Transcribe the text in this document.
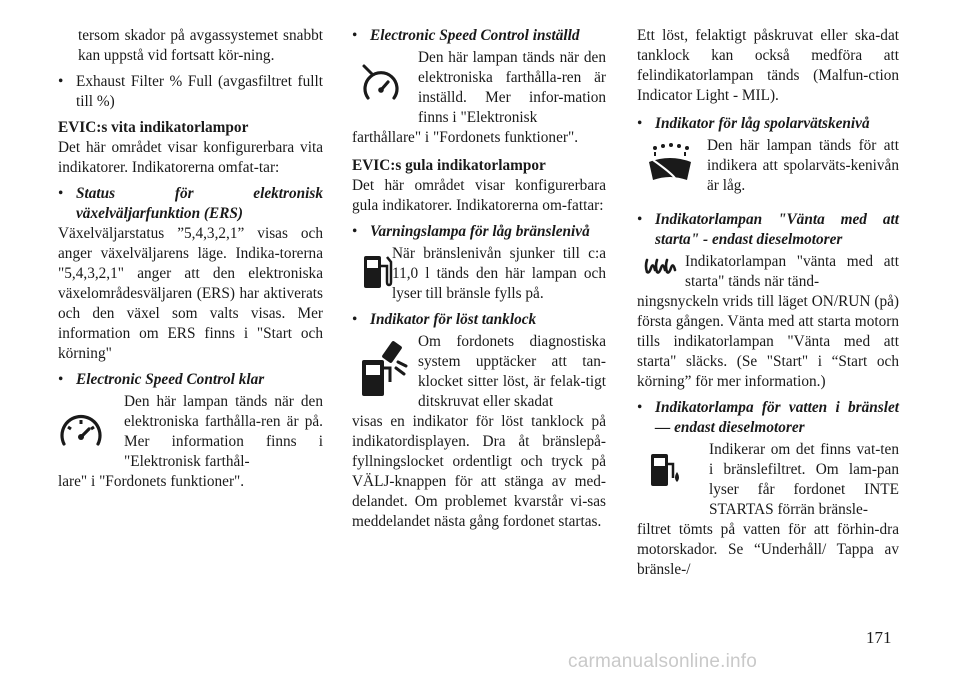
tersom skador på avgassystemet snabbt kan uppstå vid fortsatt kör-ning.

• Exhaust Filter % Full (avgasfiltret fullt till %)

EVIC:s vita indikatorlampor

Det här området visar konfigurerbara vita indikatorer. Indikatorerna omfat-tar:

• Status för elektronisk växelväljarfunktion (ERS)

Växelväljarstatus ”5,4,3,2,1” visas och anger växelväljarens läge. Indika-torerna "5,4,3,2,1" anger att den elektroniska växelområdesväljaren (ERS) har aktiverats och den växel som valts visas. Mer information om ERS finns i "Start och körning"

• Electronic Speed Control klar

Den här lampan tänds när den elektroniska farthålla-ren är på. Mer information finns i "Elektronisk farthål-

lare" i "Fordonets funktioner".

• Electronic Speed Control inställd

Den här lampan tänds när den elektroniska farthålla-ren är inställd. Mer infor-mation finns i "Elektronisk

farthållare" i "Fordonets funktioner".

EVIC:s gula indikatorlampor

Det här området visar konfigurerbara gula indikatorer. Indikatorerna om-fattar:

• Varningslampa för låg bränslenivå

När bränslenivån sjunker till c:a 11,0 l tänds den här lampan och lyser till bränsle fylls på.

• Indikator för löst tanklock

Om fordonets diagnostiska system upptäcker att tan-klocket sitter löst, är felak-tigt ditskruvat eller skadat

visas en indikator för löst tanklock på indikatordisplayen. Dra åt bränslepå-fyllningslocket ordentligt och tryck på VÄLJ-knappen för att stänga av med-delandet. Om problemet kvarstår vi-sas meddelandet nästa gång fordonet startas.

Ett löst, felaktigt påskruvat eller ska-dat tanklock kan också medföra att felindikatorlampan tänds (Malfun-ction Indicator Light - MIL).

• Indikator för låg spolarvätskenivå

Den här lampan tänds för att indikera att spolarväts-kenivån är låg.

• Indikatorlampan "Vänta med att starta" - endast dieselmotorer

Indikatorlampan "vänta med att starta" tänds när tänd-

ningsnyckeln vrids till läget ON/RUN (på) första gången. Vänta med att starta motorn tills indikatorlampan "Vänta med att starta" släcks. (Se "Start" i “Start och körning” för mer information.)

• Indikatorlampa för vatten i bränslet — endast dieselmotorer

Indikerar om det finns vat-ten i bränslefiltret. Om lam-pan lyser får fordonet INTE STARTAS förrän bränsle-

filtret tömts på vatten för att förhin-dra motorskador. Se “Underhåll/ Tappa av bränsle-/

171
carmanualsonline.info
